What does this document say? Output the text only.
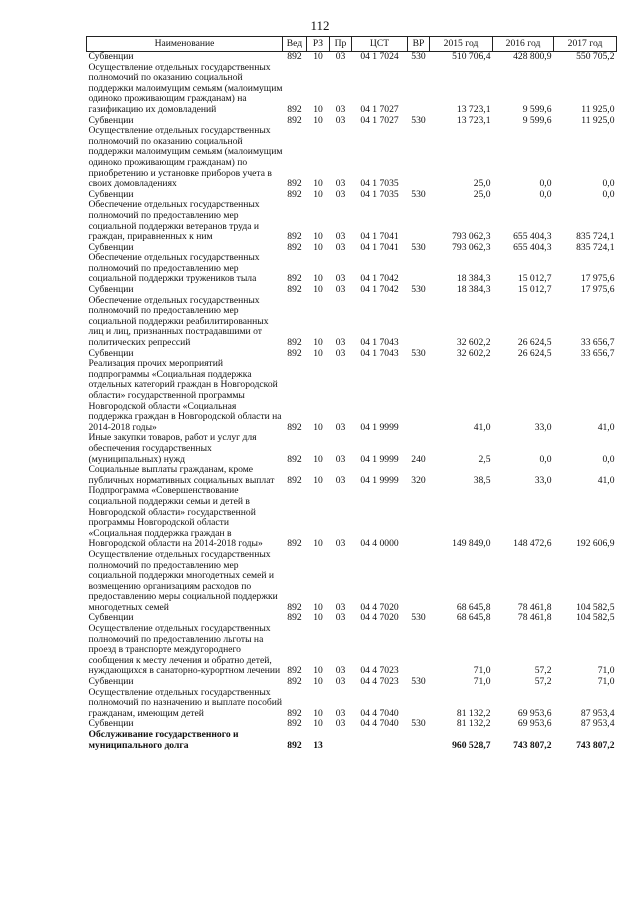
112
Наименование	Вед	РЗ	Пр	ЦСТ	ВР	2015 год	2016 год	2017 год
Субвенции	892	10	03	04 1 7024	530	510 706,4	428 800,9	550 705,2
Осуществление отдельных государственных полномочий по оказанию социальной поддержки малоимущим семьям (малоимущим одиноко проживающим гражданам) на газификацию их домовладений	892	10	03	04 1 7027		13 723,1	9 599,6	11 925,0
Субвенции	892	10	03	04 1 7027	530	13 723,1	9 599,6	11 925,0
Осуществление отдельных государственных полномочий по оказанию социальной поддержки малоимущим семьям (малоимущим одиноко проживающим гражданам) по приобретению и установке приборов учета в своих домовладениях	892	10	03	04 1 7035		25,0	0,0	0,0
Субвенции	892	10	03	04 1 7035	530	25,0	0,0	0,0
Обеспечение отдельных государственных полномочий по предоставлению мер социальной поддержки ветеранов труда и граждан, приравненных к ним	892	10	03	04 1 7041		793 062,3	655 404,3	835 724,1
Субвенции	892	10	03	04 1 7041	530	793 062,3	655 404,3	835 724,1
Обеспечение отдельных государственных полномочий по предоставлению мер социальной поддержки тружеников тыла	892	10	03	04 1 7042		18 384,3	15 012,7	17 975,6
Субвенции	892	10	03	04 1 7042	530	18 384,3	15 012,7	17 975,6
Обеспечение отдельных государственных полномочий по предоставлению мер социальной поддержки реабилитированных лиц и лиц, признанных пострадавшими от политических репрессий	892	10	03	04 1 7043		32 602,2	26 624,5	33 656,7
Субвенции	892	10	03	04 1 7043	530	32 602,2	26 624,5	33 656,7
Реализация прочих мероприятий подпрограммы «Социальная поддержка отдельных категорий граждан в Новгородской области» государственной программы Новгородской области «Социальная поддержка граждан в Новгородской области на 2014-2018 годы»	892	10	03	04 1 9999		41,0	33,0	41,0
Иные закупки товаров, работ и услуг для обеспечения государственных (муниципальных) нужд	892	10	03	04 1 9999	240	2,5	0,0	0,0
Социальные выплаты гражданам, кроме публичных нормативных социальных выплат	892	10	03	04 1 9999	320	38,5	33,0	41,0
Подпрограмма «Совершенствование социальной поддержки семьи и детей в Новгородской области» государственной программы Новгородской области «Социальная поддержка граждан в Новгородской области на 2014-2018 годы»	892	10	03	04 4 0000		149 849,0	148 472,6	192 606,9
Осуществление отдельных государственных полномочий по предоставлению мер социальной поддержки многодетных семей и возмещению организациям расходов по предоставлению меры социальной поддержки многодетных семей	892	10	03	04 4 7020		68 645,8	78 461,8	104 582,5
Субвенции	892	10	03	04 4 7020	530	68 645,8	78 461,8	104 582,5
Осуществление отдельных государственных полномочий по предоставлению льготы на проезд в транспорте междугороднего сообщения к месту лечения и обратно детей, нуждающихся в санаторно-курортном лечении	892	10	03	04 4 7023		71,0	57,2	71,0
Субвенции	892	10	03	04 4 7023	530	71,0	57,2	71,0
Осуществление отдельных государственных полномочий по назначению и выплате пособий гражданам, имеющим детей	892	10	03	04 4 7040		81 132,2	69 953,6	87 953,4
Субвенции	892	10	03	04 4 7040	530	81 132,2	69 953,6	87 953,4
Обслуживание государственного и муниципального долга	892	13				960 528,7	743 807,2	743 807,2
